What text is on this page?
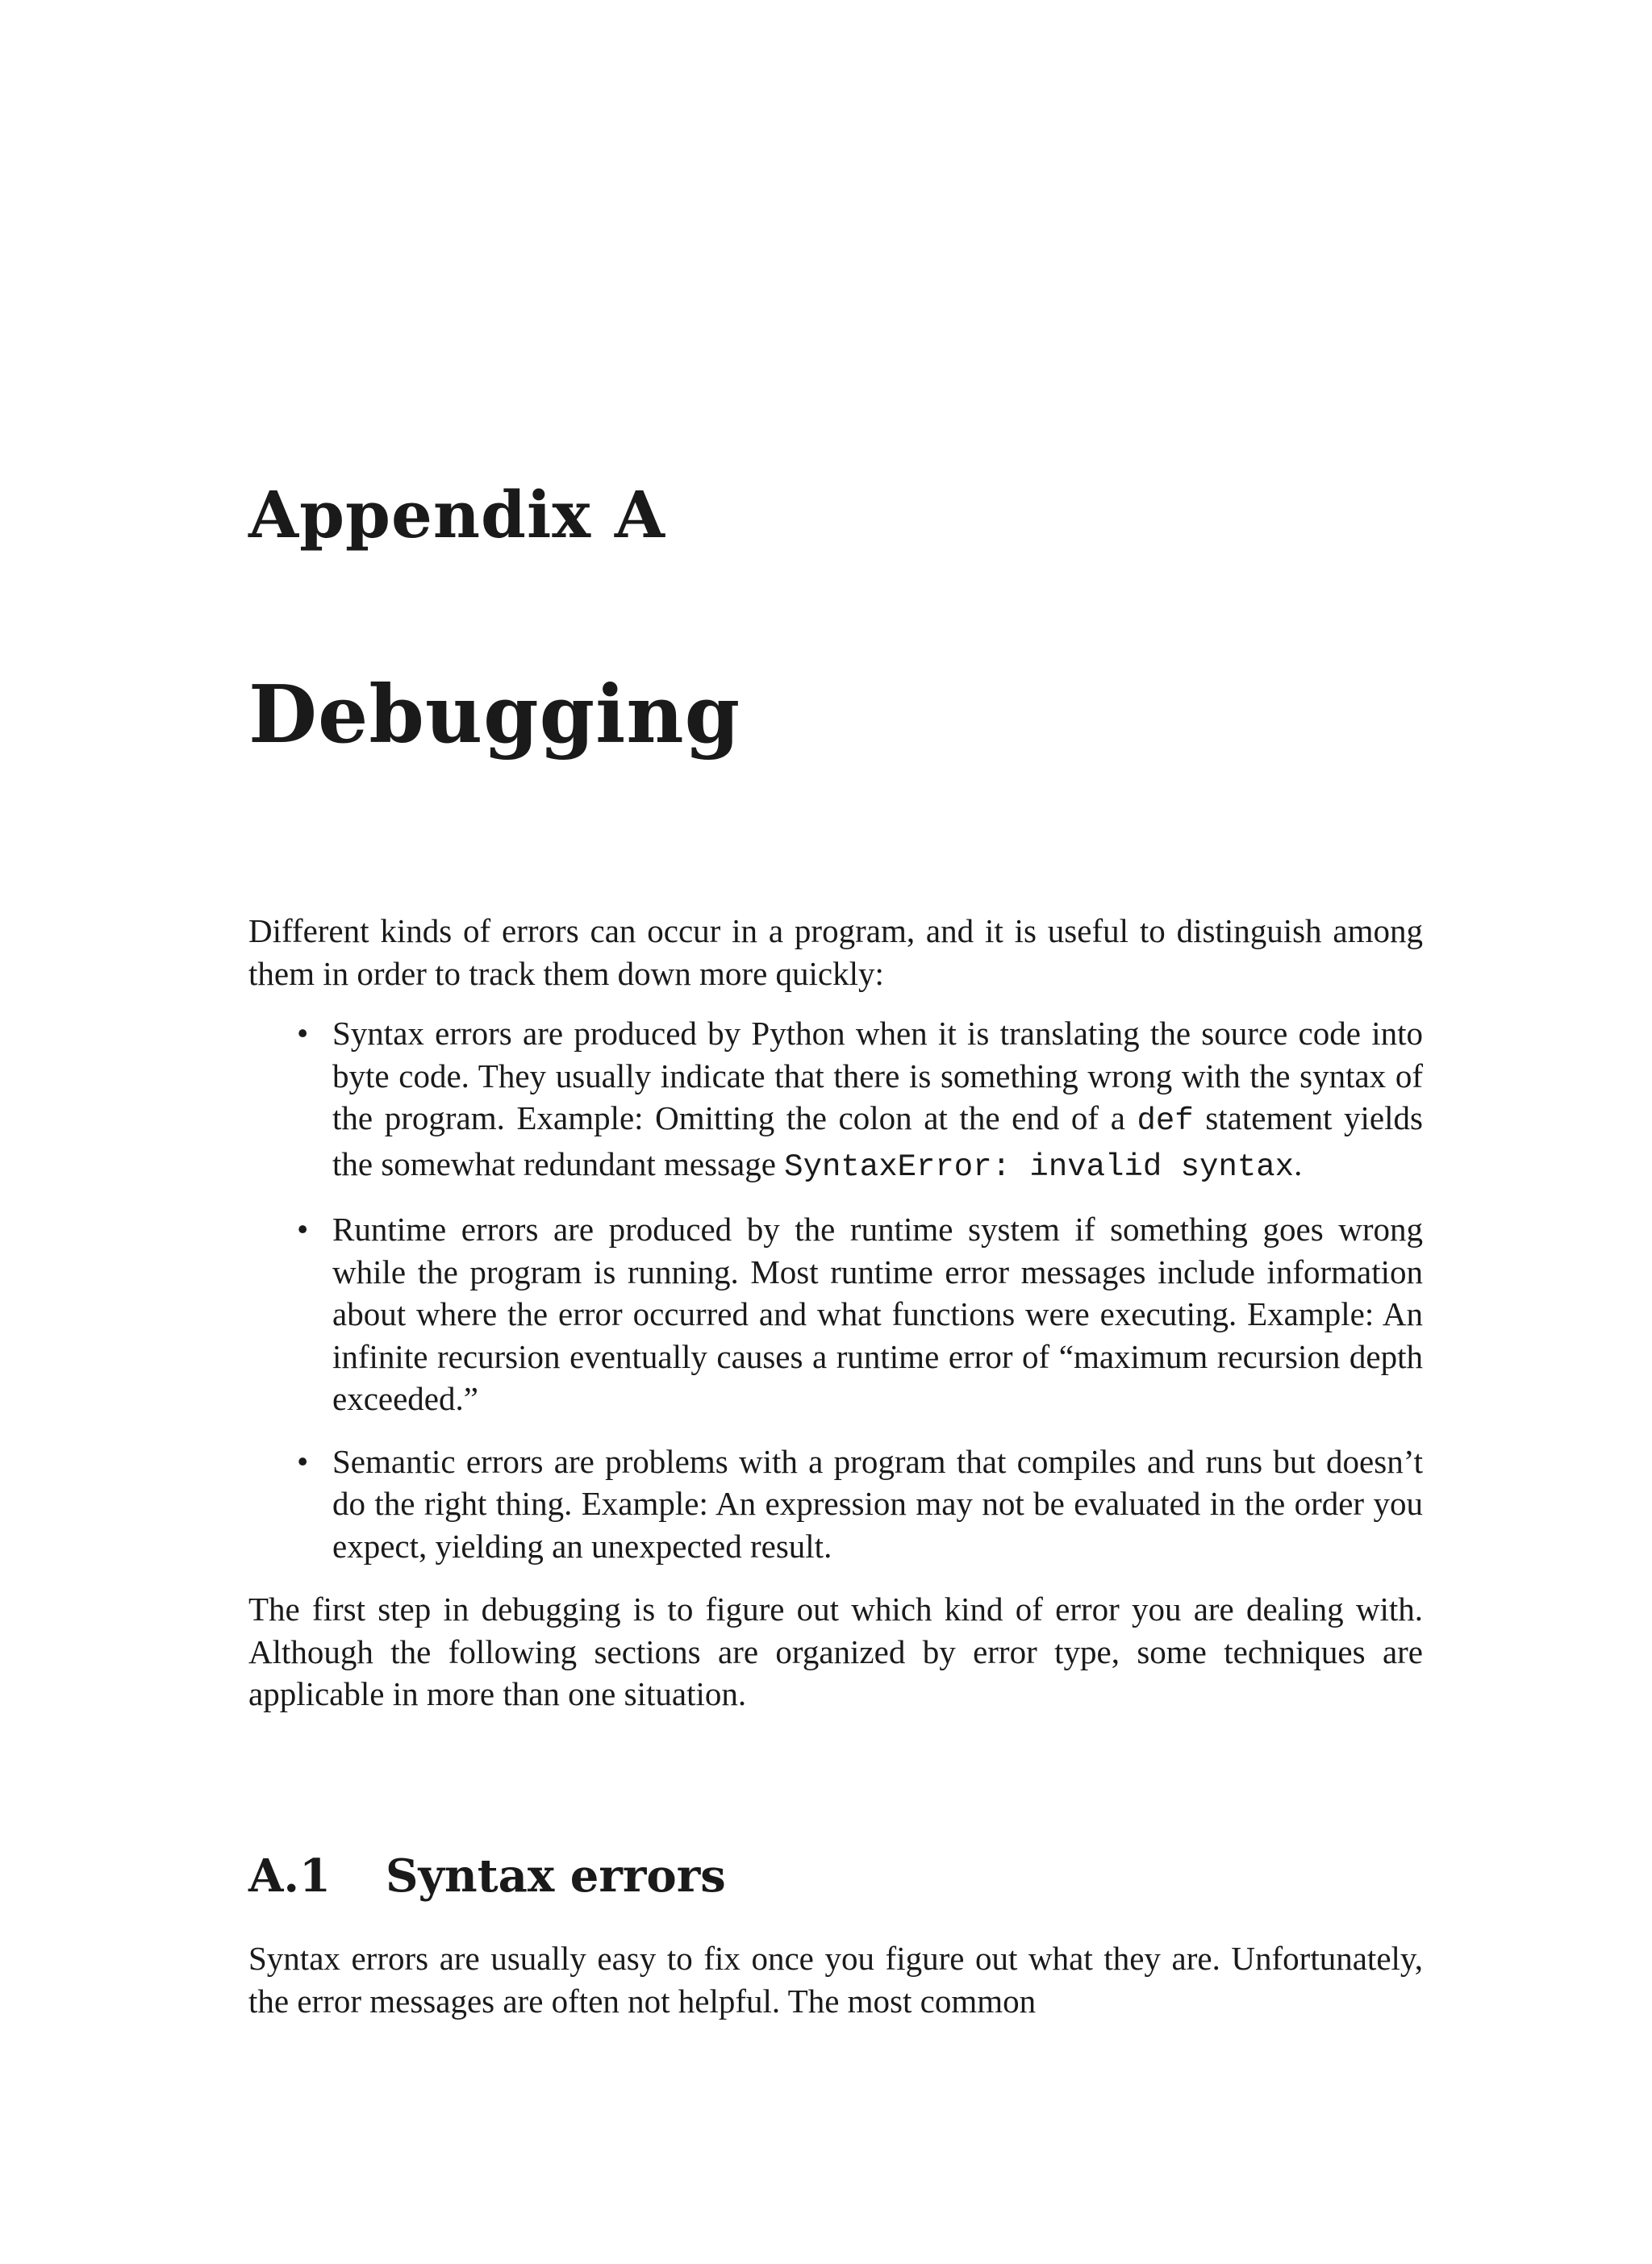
Appendix A
Debugging

Different kinds of errors can occur in a program, and it is useful to distinguish among them in order to track them down more quickly:

• Syntax errors are produced by Python when it is translating the source code into byte code. They usually indicate that there is something wrong with the syntax of the program. Example: Omitting the colon at the end of a def statement yields the somewhat redundant message SyntaxError: invalid syntax.
• Runtime errors are produced by the runtime system if something goes wrong while the program is running. Most runtime error messages include information about where the error occurred and what functions were executing. Example: An infinite recursion eventually causes a runtime error of “maximum recursion depth exceeded.”
• Semantic errors are problems with a program that compiles and runs but doesn’t do the right thing. Example: An expression may not be evaluated in the order you expect, yielding an unexpected result.

The first step in debugging is to figure out which kind of error you are dealing with. Although the following sections are organized by error type, some techniques are applicable in more than one situation.

A.1 Syntax errors

Syntax errors are usually easy to fix once you figure out what they are. Unfortunately, the error messages are often not helpful. The most common
